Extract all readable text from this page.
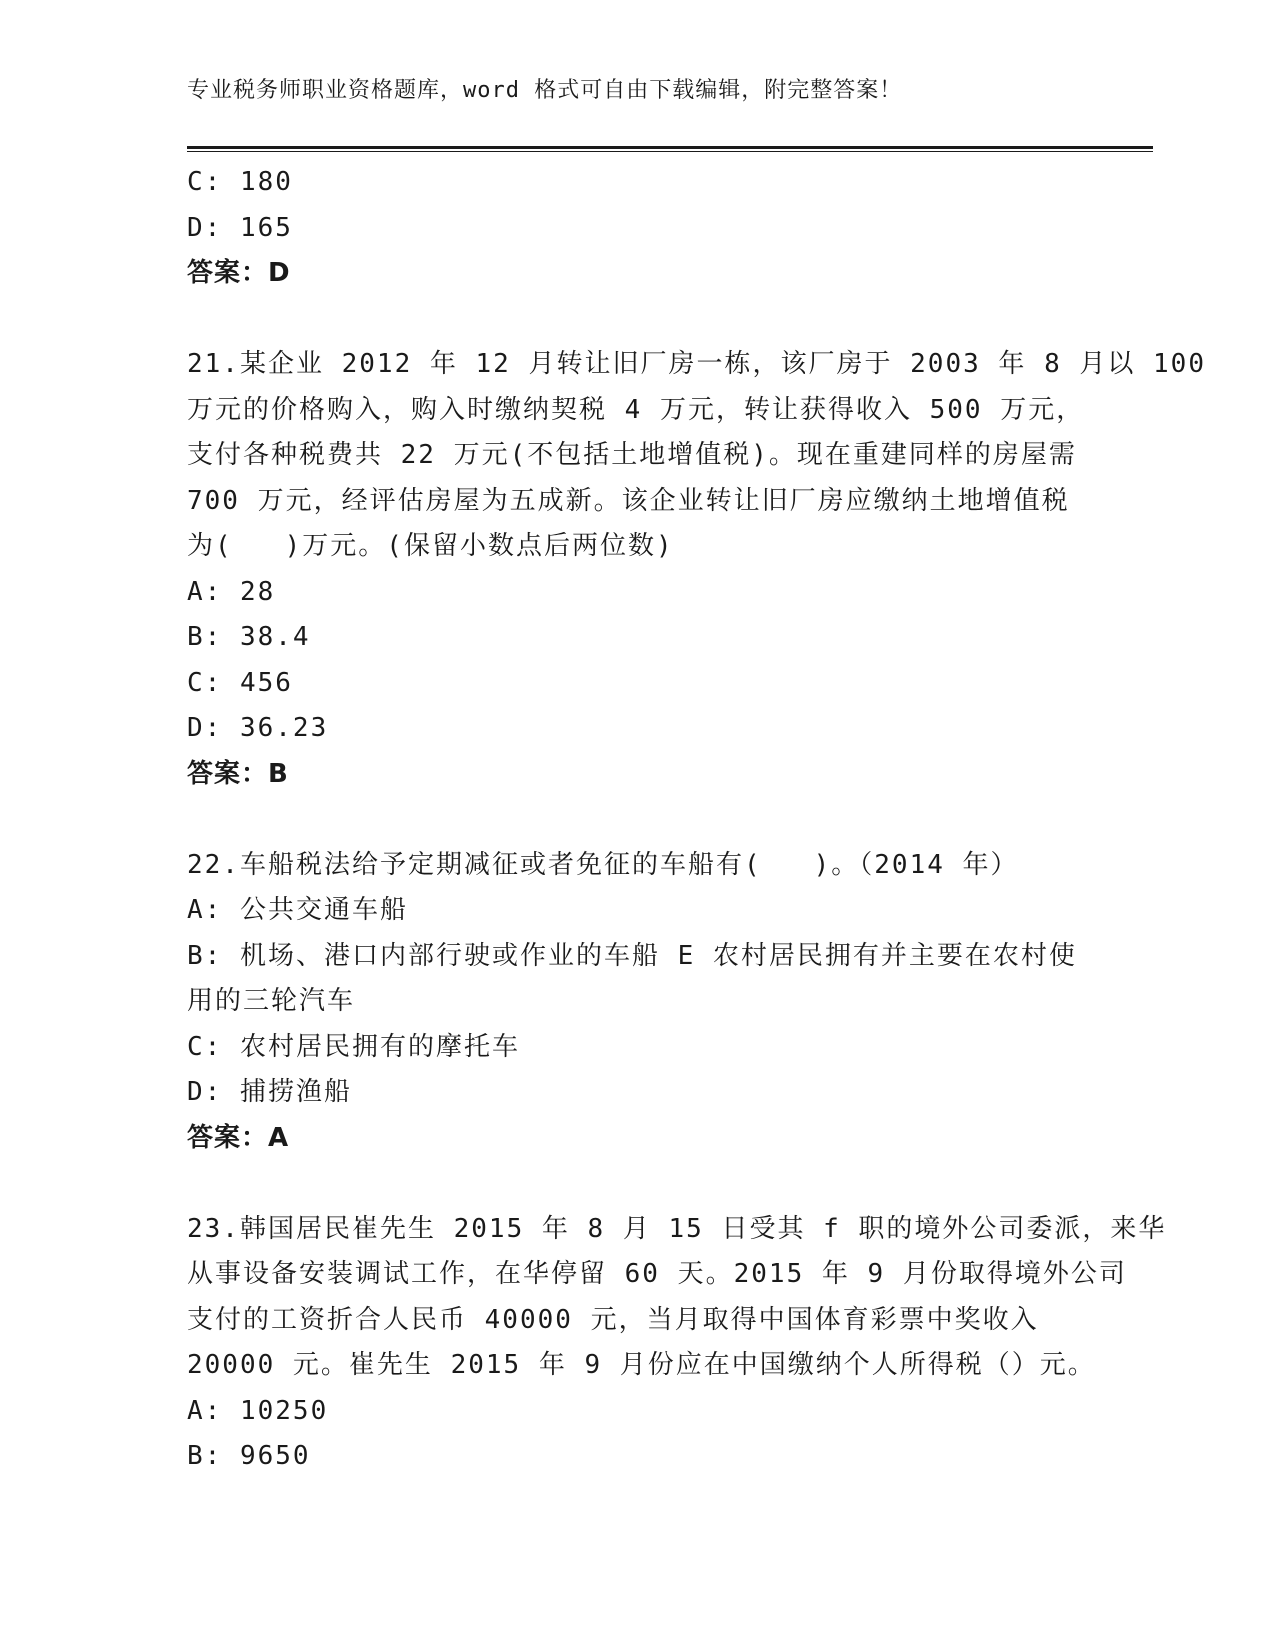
专业税务师职业资格题库，word 格式可自由下载编辑，附完整答案！

C: 180

D: 165

答案：D

21.某企业 2012 年 12 月转让旧厂房一栋，该厂房于 2003 年 8 月以 100

万元的价格购入，购入时缴纳契税 4 万元，转让获得收入 500 万元，

支付各种税费共 22 万元(不包括土地增值税)。现在重建同样的房屋需

700 万元，经评估房屋为五成新。该企业转让旧厂房应缴纳土地增值税

为( )万元。(保留小数点后两位数)

A: 28

B: 38.4

C: 456

D: 36.23

答案：B

22.车船税法给予定期减征或者免征的车船有( )。（2014 年）

A: 公共交通车船

B: 机场、港口内部行驶或作业的车船 E 农村居民拥有并主要在农村使

用的三轮汽车

C: 农村居民拥有的摩托车

D: 捕捞渔船

答案：A

23.韩国居民崔先生 2015 年 8 月 15 日受其 f 职的境外公司委派，来华

从事设备安装调试工作，在华停留 60 天。2015 年 9 月份取得境外公司

支付的工资折合人民币 40000 元，当月取得中国体育彩票中奖收入

20000 元。崔先生 2015 年 9 月份应在中国缴纳个人所得税（）元。

A: 10250

B: 9650
